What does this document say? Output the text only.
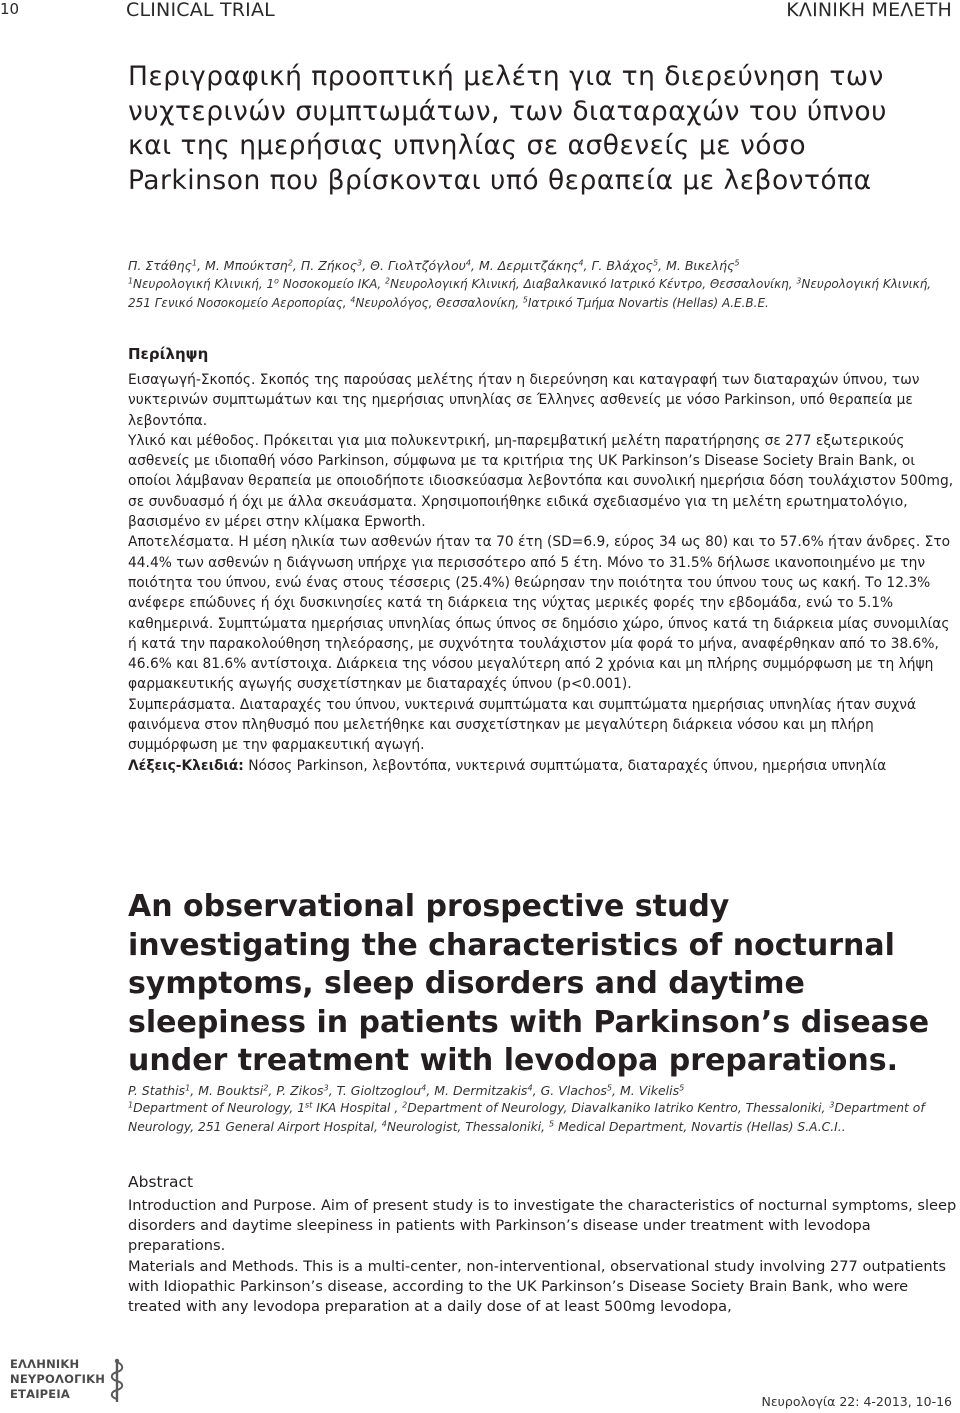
10	CLINICAL TRIAL	ΚΛΙΝΙΚΗ ΜΕΛΕΤΗ
Περιγραφική προοπτική μελέτη για τη διερεύνηση των νυχτερινών συμπτωμάτων, των διαταραχών του ύπνου και της ημερήσιας υπνηλίας σε ασθενείς με νόσο Parkinson που βρίσκονται υπό θεραπεία με λεβοντόπα
Π. Στάθης$^1$, Μ. Μπούκτση$^2$, Π. Ζήκος$^3$, Θ. Γιολτζόγλου$^4$, Μ. Δερμιτζάκης$^4$, Γ. Βλάχος$^5$, Μ. Βικελής$^5$
$^1$Νευρολογική Κλινική, $1^o$ Νοσοκομείο ΙΚΑ, $^2$Νευρολογική Κλινική, Διαβαλκανικό Ιατρικό Κέντρο, Θεσσαλονίκη, $^3$Νευρολογική Κλινική, 251 Γενικό Νοσοκομείο Αεροπορίας, $^4$Νευρολόγος, Θεσσαλονίκη, $^5$Ιατρικό Τμήμα Novartis (Hellas) Α.Ε.Β.Ε.
Περίληψη
Εισαγωγή-Σκοπός. Σκοπός της παρούσας μελέτης ήταν η διερεύνηση και καταγραφή των διαταραχών ύπνου, των νυκτερινών συμπτωμάτων και της ημερήσιας υπνηλίας σε Έλληνες ασθενείς με νόσο Parkinson, υπό θεραπεία με λεβοντόπα.
Υλικό και μέθοδος. Πρόκειται για μια πολυκεντρική, μη-παρεμβατική μελέτη παρατήρησης σε 277 εξωτερικούς ασθενείς με ιδιοπαθή νόσο Parkinson, σύμφωνα με τα κριτήρια της UK Parkinson’s Disease Society Brain Bank, οι οποίοι λάμβαναν θεραπεία με οποιοδήποτε ιδιοσκεύασμα λεβοντόπα και συνολική ημερήσια δόση τουλάχιστον 500mg, σε συνδυασμό ή όχι με άλλα σκευάσματα. Χρησιμοποιήθηκε ειδικά σχεδιασμένο για τη μελέτη ερωτηματολόγιο, βασισμένο εν μέρει στην κλίμακα Epworth.
Αποτελέσματα. Η μέση ηλικία των ασθενών ήταν τα 70 έτη (SD=6.9, εύρος 34 ως 80) και το 57.6% ήταν άνδρες. Στο 44.4% των ασθενών η διάγνωση υπήρχε για περισσότερο από 5 έτη. Μόνο το 31.5% δήλωσε ικανοποιημένο με την ποιότητα του ύπνου, ενώ ένας στους τέσσερις (25.4%) θεώρησαν την ποιότητα του ύπνου τους ως κακή. Το 12.3% ανέφερε επώδυνες ή όχι δυσκινησίες κατά τη διάρκεια της νύχτας μερικές φορές την εβδομάδα, ενώ το 5.1% καθημερινά. Συμπτώματα ημερήσιας υπνηλίας όπως ύπνος σε δημόσιο χώρο, ύπνος κατά τη διάρκεια μίας συνομιλίας ή κατά την παρακολούθηση τηλεόρασης, με συχνότητα τουλάχιστον μία φορά το μήνα, αναφέρθηκαν από το 38.6%, 46.6% και 81.6% αντίστοιχα. Διάρκεια της νόσου μεγαλύτερη από 2 χρόνια και μη πλήρης συμμόρφωση με τη λήψη φαρμακευτικής αγωγής συσχετίστηκαν με διαταραχές ύπνου (p<0.001).
Συμπεράσματα. Διαταραχές του ύπνου, νυκτερινά συμπτώματα και συμπτώματα ημερήσιας υπνηλίας ήταν συχνά φαινόμενα στον πληθυσμό που μελετήθηκε και συσχετίστηκαν με μεγαλύτερη διάρκεια νόσου και μη πλήρη συμμόρφωση με την φαρμακευτική αγωγή.
Λέξεις-Κλειδιά: Νόσος Parkinson, λεβοντόπα, νυκτερινά συμπτώματα, διαταραχές ύπνου, ημερήσια υπνηλία
An observational prospective study investigating the characteristics of nocturnal symptoms, sleep disorders and daytime sleepiness in patients with Parkinson’s disease under treatment with levodopa preparations.
P. Stathis$^1$, M. Bouktsi$^2$, P. Zikos$^3$, T. Gioltzoglou$^4$, M. Dermitzakis$^4$, G. Vlachos$^5$, M. Vikelis$^5$
$^1$Department of Neurology, 1st IKA Hospital , $^2$Department of Neurology, Diavalkaniko Iatriko Kentro, Thessaloniki, $^3$Department of Neurology, 251 General Airport Hospital, $^4$Neurologist, Thessaloniki, $^5$ Medical Department, Novartis (Hellas) S.A.C.I..
Abstract
Introduction and Purpose. Aim of present study is to investigate the characteristics of nocturnal symptoms, sleep disorders and daytime sleepiness in patients with Parkinson’s disease under treatment with levodopa preparations.
Materials and Methods. This is a multi-center, non-interventional, observational study involving 277 outpatients with Idiopathic Parkinson’s disease, according to the UK Parkinson’s Disease Society Brain Bank, who were treated with any levodopa preparation at a daily dose of at least 500mg levodopa,
ΕΛΛΗΝΙΚΗ
ΝΕΥΡΟΛΟΓΙΚΗ
ΕΤΑΙΡΕΙΑ	Νευρολογία 22: 4-2013, 10-16
